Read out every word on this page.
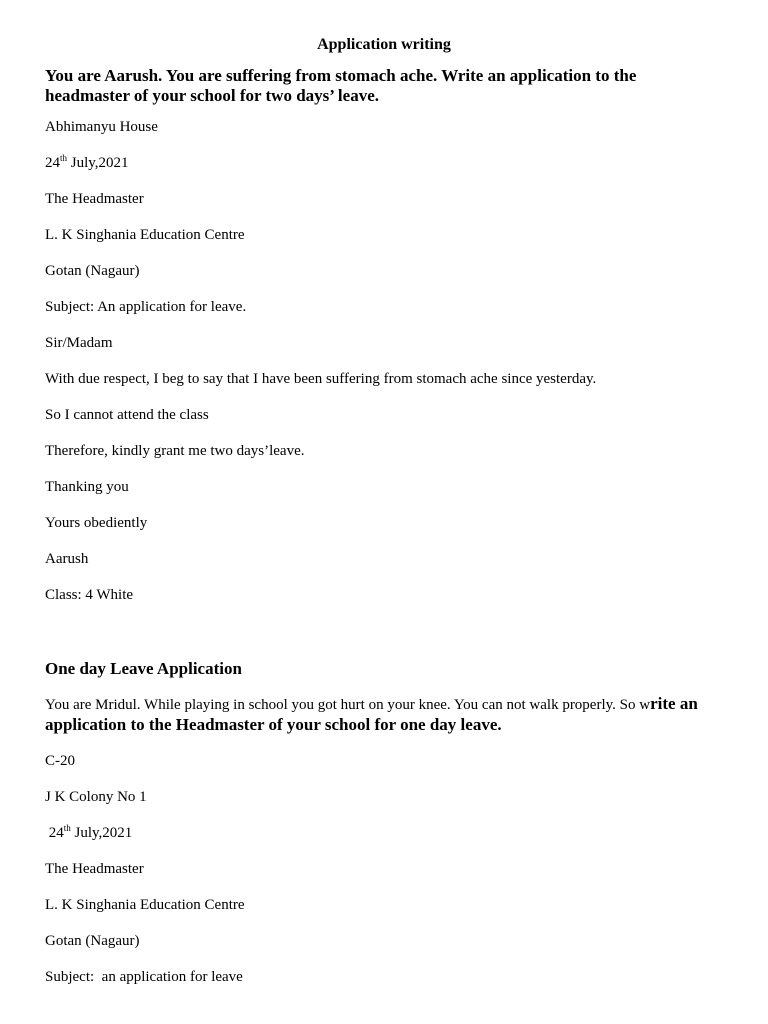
Application writing
You are Aarush. You are suffering from stomach ache. Write an application to the headmaster of your school for two days’ leave.
Abhimanyu House
24th July,2021
The Headmaster
L. K Singhania Education Centre
Gotan (Nagaur)
Subject: An application for leave.
Sir/Madam
With due respect, I beg to say that I have been suffering from stomach ache since yesterday.
So I cannot attend the class
Therefore, kindly grant me two days’leave.
Thanking you
Yours obediently
Aarush
Class: 4 White
One day Leave Application
You are Mridul. While playing in school you got hurt on your knee. You can not walk properly. So write an application to the Headmaster of your school for one day leave.
C-20
J K Colony No 1
24th July,2021
The Headmaster
L. K Singhania Education Centre
Gotan (Nagaur)
Subject:  an application for leave
